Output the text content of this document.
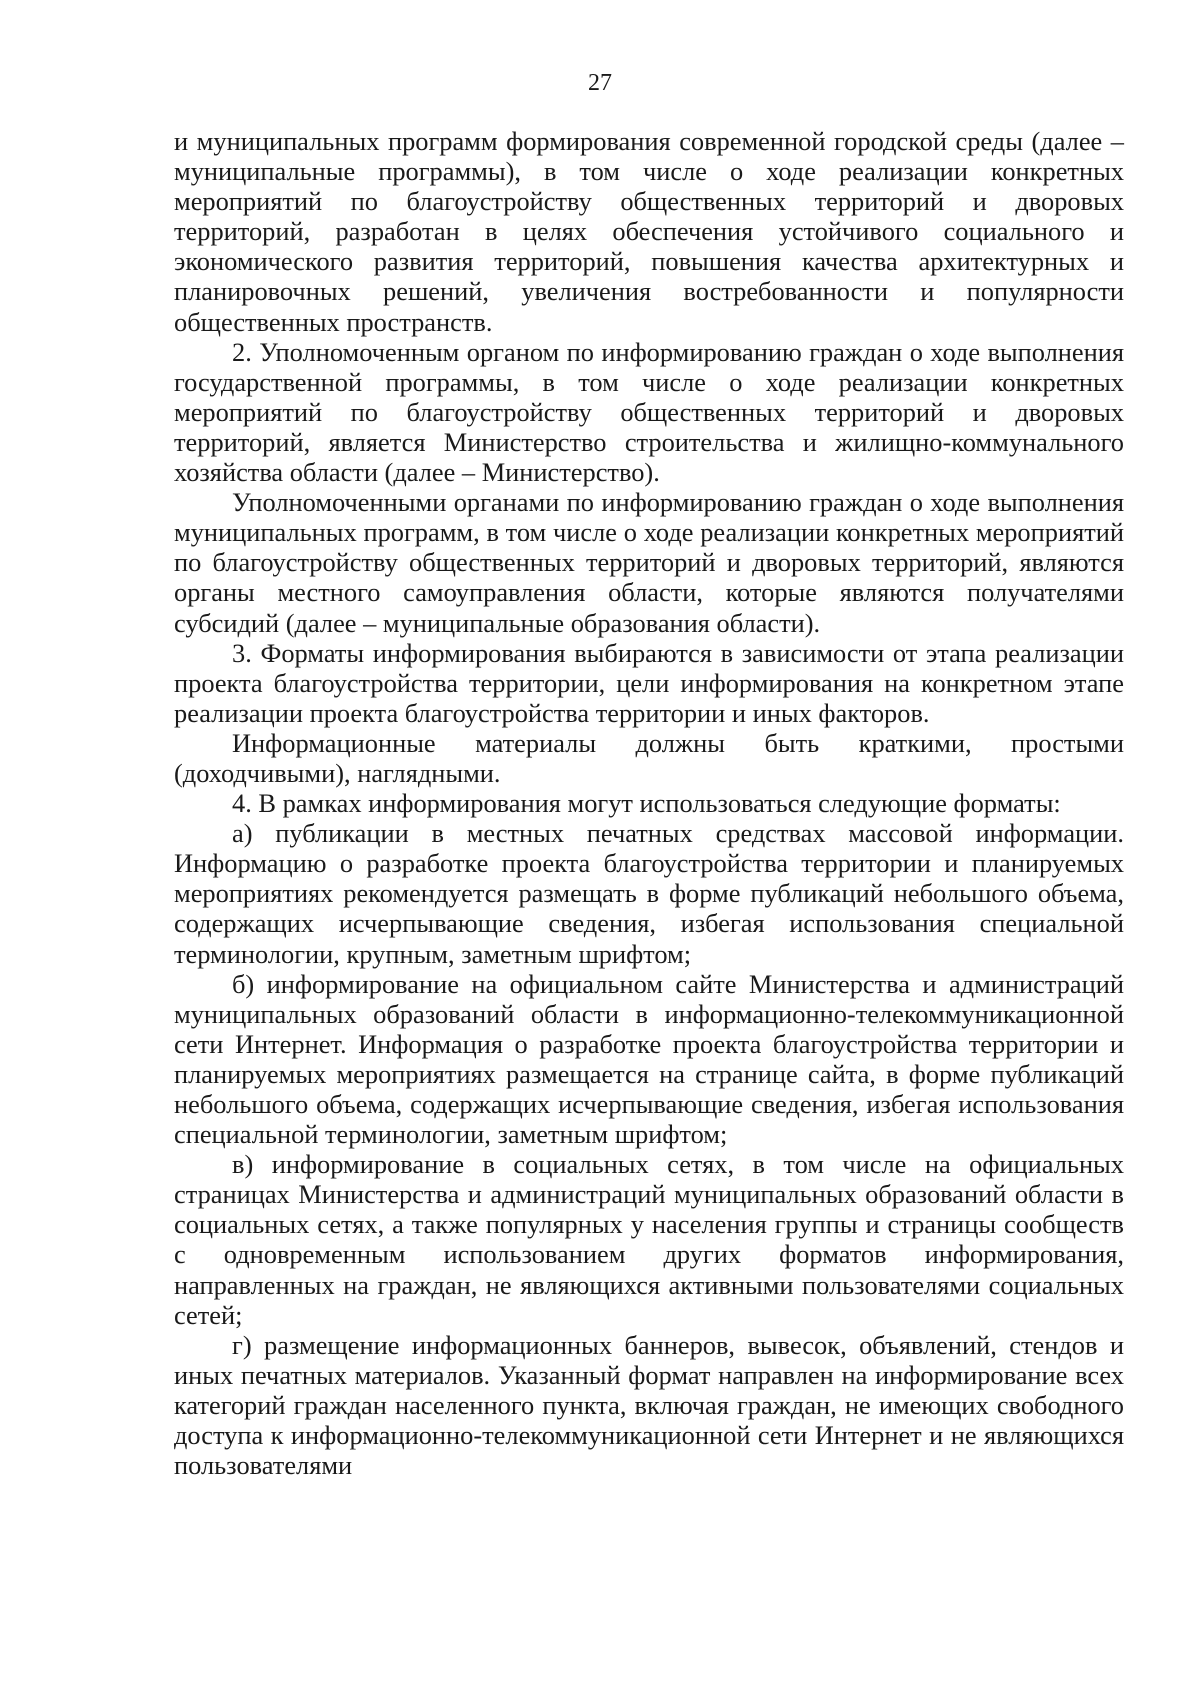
27

и муниципальных программ формирования современной городской среды (далее – муниципальные программы), в том числе о ходе реализации конкретных мероприятий по благоустройству общественных территорий и дворовых территорий, разработан в целях обеспечения устойчивого социального и экономического развития территорий, повышения качества архитектурных и планировочных решений, увеличения востребованности и популярности общественных пространств.

2. Уполномоченным органом по информированию граждан о ходе выполнения государственной программы, в том числе о ходе реализации конкретных мероприятий по благоустройству общественных территорий и дворовых территорий, является Министерство строительства и жилищно-коммунального хозяйства области (далее – Министерство).

Уполномоченными органами по информированию граждан о ходе выполнения муниципальных программ, в том числе о ходе реализации конкретных мероприятий по благоустройству общественных территорий и дворовых территорий, являются органы местного самоуправления области, которые являются получателями субсидий (далее – муниципальные образования области).

3. Форматы информирования выбираются в зависимости от этапа реализации проекта благоустройства территории, цели информирования на конкретном этапе реализации проекта благоустройства территории и иных факторов.

Информационные материалы должны быть краткими, простыми (доходчивыми), наглядными.

4. В рамках информирования могут использоваться следующие форматы:

а) публикации в местных печатных средствах массовой информации. Информацию о разработке проекта благоустройства территории и планируемых мероприятиях рекомендуется размещать в форме публикаций небольшого объема, содержащих исчерпывающие сведения, избегая использования специальной терминологии, крупным, заметным шрифтом;

б) информирование на официальном сайте Министерства и администраций муниципальных образований области в информационно-телекоммуникационной сети Интернет. Информация о разработке проекта благоустройства территории и планируемых мероприятиях размещается на странице сайта, в форме публикаций небольшого объема, содержащих исчерпывающие сведения, избегая использования специальной терминологии, заметным шрифтом;

в) информирование в социальных сетях, в том числе на официальных страницах Министерства и администраций муниципальных образований области в социальных сетях, а также популярных у населения группы и страницы сообществ с одновременным использованием других форматов информирования, направленных на граждан, не являющихся активными пользователями социальных сетей;

г) размещение информационных баннеров, вывесок, объявлений, стендов и иных печатных материалов. Указанный формат направлен на информирование всех категорий граждан населенного пункта, включая граждан, не имеющих свободного доступа к информационно-телекоммуникационной сети Интернет и не являющихся пользователями
